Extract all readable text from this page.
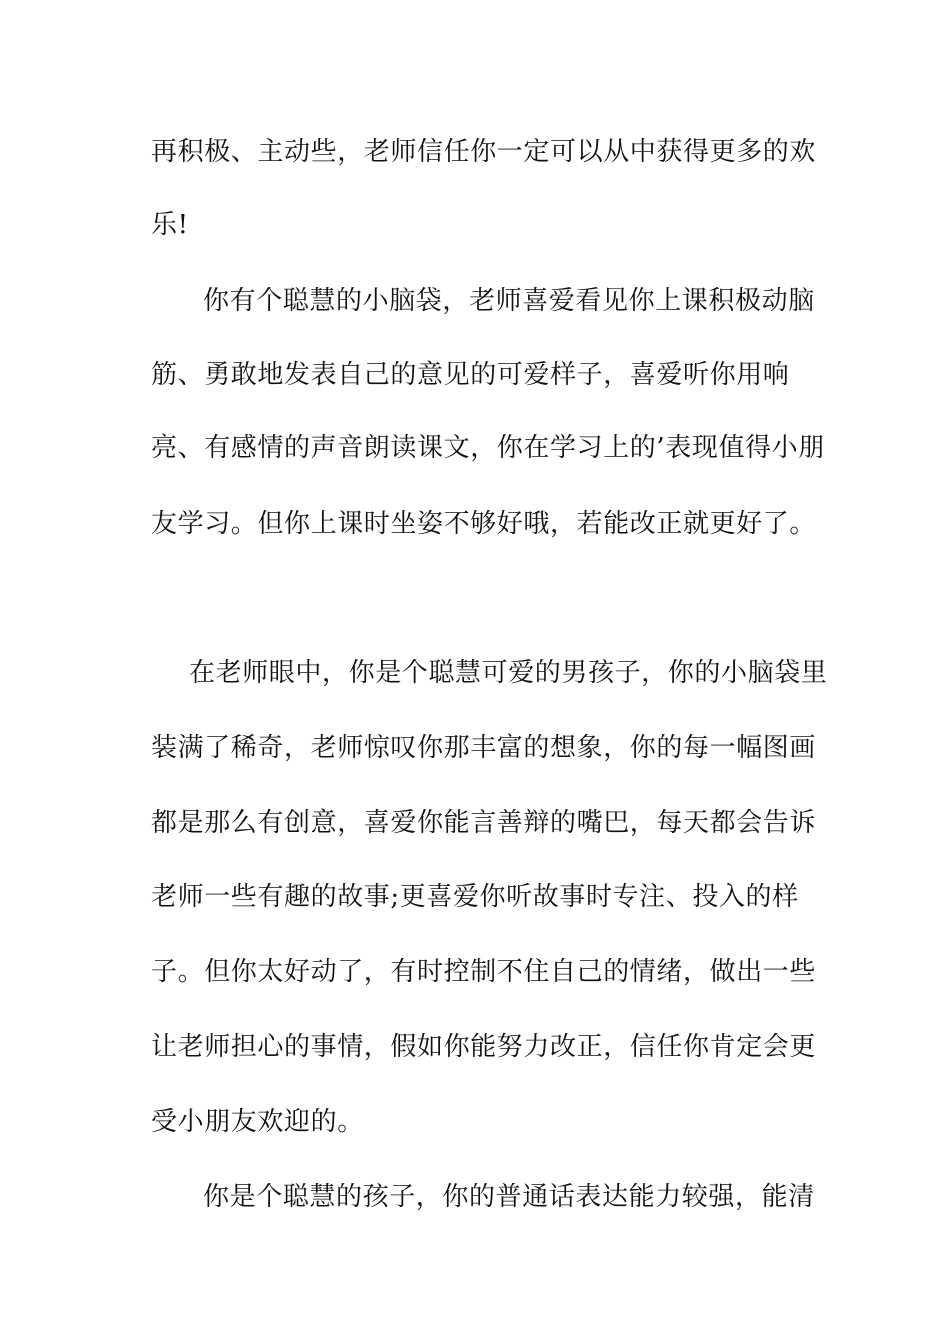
再积极、主动些，老师信任你一定可以从中获得更多的欢

乐!

你有个聪慧的小脑袋，老师喜爱看见你上课积极动脑

筋、勇敢地发表自己的意见的可爱样子，喜爱听你用响

亮、有感情的声音朗读课文，你在学习上的’表现值得小朋

友学习。但你上课时坐姿不够好哦，若能改正就更好了。

在老师眼中，你是个聪慧可爱的男孩子，你的小脑袋里

装满了稀奇，老师惊叹你那丰富的想象，你的每一幅图画

都是那么有创意，喜爱你能言善辩的嘴巴，每天都会告诉

老师一些有趣的故事;更喜爱你听故事时专注、投入的样

子。但你太好动了，有时控制不住自己的情绪，做出一些

让老师担心的事情，假如你能努力改正，信任你肯定会更

受小朋友欢迎的。

你是个聪慧的孩子，你的普通话表达能力较强，能清
